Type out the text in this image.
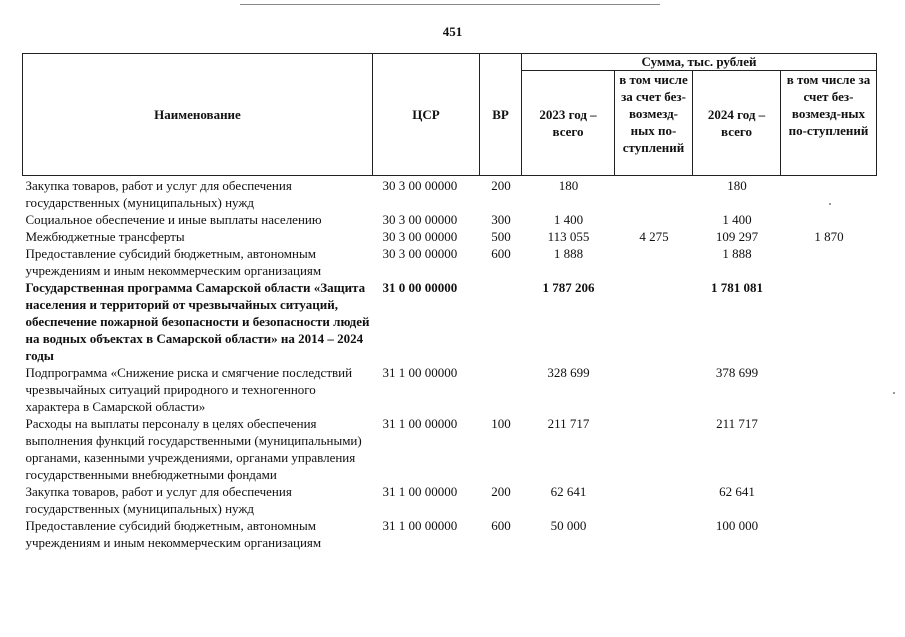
451
Наименование	ЦСР	ВР	Сумма, тыс. рублей			
			2023 год – всего	в том числе за счет без-возмезд-ных по-ступлений	2024 год – всего	в том числе за счет без-возмезд-ных по-ступлений
Закупка товаров, работ и услуг для обеспечения государственных (муниципальных) нужд	30 3 00 00000	200	180		180	
Социальное обеспечение и иные выплаты населению	30 3 00 00000	300	1 400		1 400	
Межбюджетные трансферты	30 3 00 00000	500	113 055	4 275	109 297	1 870
Предоставление субсидий бюджетным, автономным учреждениям и иным некоммерческим организациям	30 3 00 00000	600	1 888		1 888	
Государственная программа Самарской области «Защита населения и территорий от чрезвычайных ситуаций, обеспечение пожарной безопасности и безопасности людей на водных объектах в Самарской области» на 2014 – 2024 годы	31 0 00 00000		1 787 206		1 781 081	
Подпрограмма «Снижение риска и смягчение последствий чрезвычайных ситуаций природного и техногенного характера в Самарской области»	31 1 00 00000		328 699		378 699	
Расходы на выплаты персоналу в целях обеспечения выполнения функций государственными (муниципальными) органами, казенными учреждениями, органами управления государственными внебюджетными фондами	31 1 00 00000	100	211 717		211 717	
Закупка товаров, работ и услуг для обеспечения государственных (муниципальных) нужд	31 1 00 00000	200	62 641		62 641	
Предоставление субсидий бюджетным, автономным учреждениям и иным некоммерческим организациям	31 1 00 00000	600	50 000		100 000	
